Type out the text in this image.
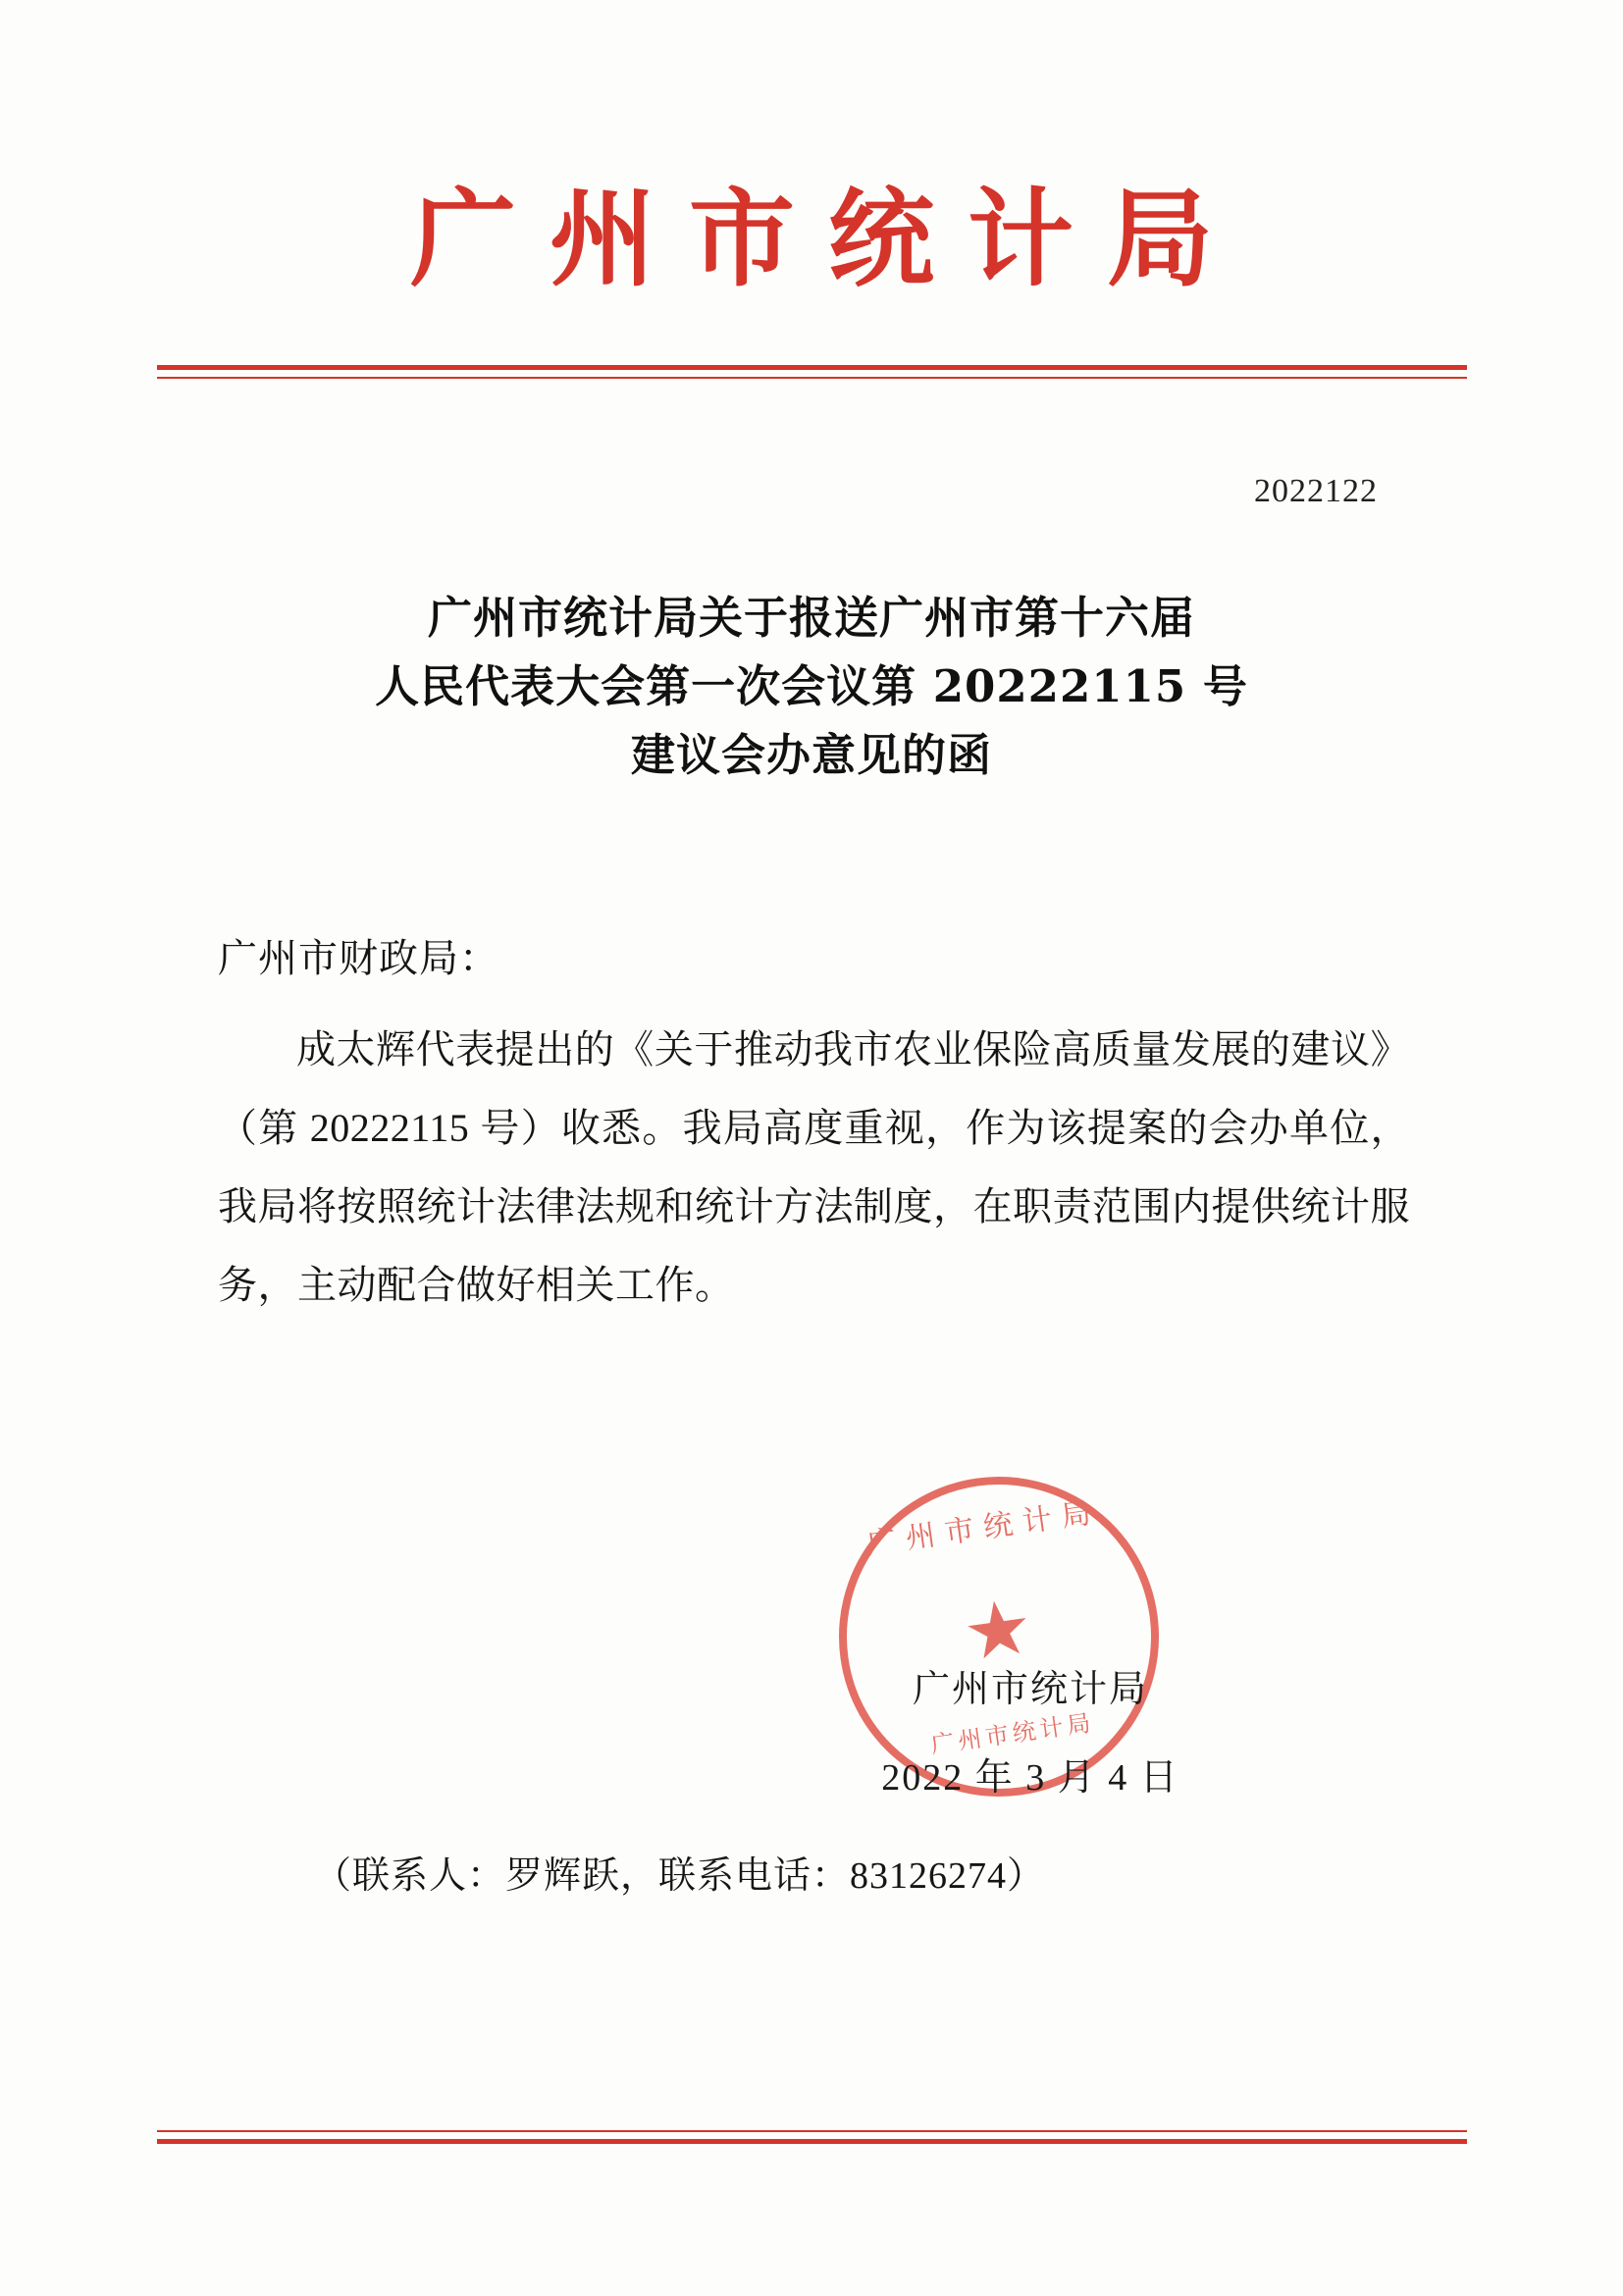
广州市统计局
2022122
广州市统计局关于报送广州市第十六届
人民代表大会第一次会议第 20222115 号
建议会办意见的函
广州市财政局：

成太辉代表提出的《关于推动我市农业保险高质量发展的建议》（第 20222115 号）收悉。我局高度重视，作为该提案的会办单位，我局将按照统计法律法规和统计方法制度，在职责范围内提供统计服务，主动配合做好相关工作。

广州市统计局
★
广州市统计局
广州市统计局
2022 年 3 月 4 日
（联系人：罗辉跃，联系电话：83126274）
